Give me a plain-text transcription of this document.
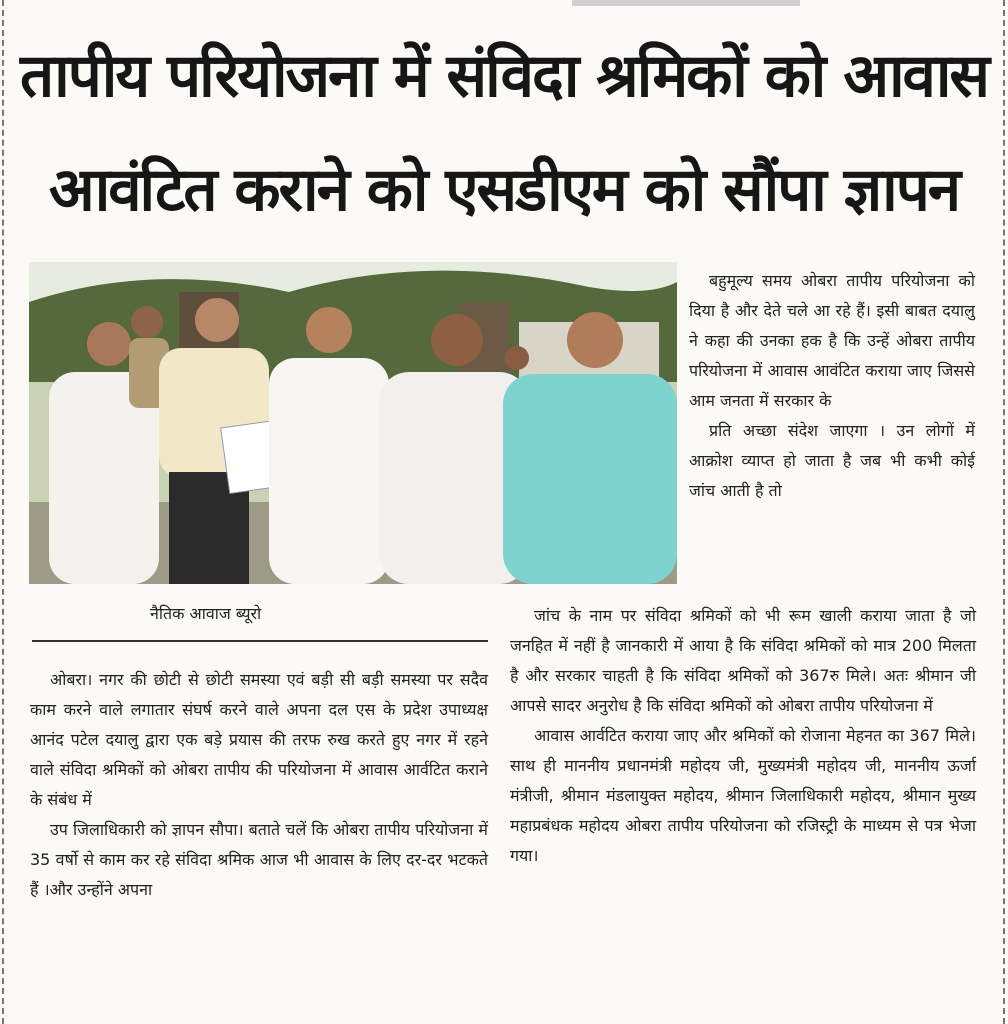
तापीय परियोजना में संविदा श्रमिकों को आवास
आवंटित कराने को एसडीएम को सौंपा ज्ञापन

बहुमूल्य समय ओबरा तापीय परियोजना को दिया है और देते चले आ रहे हैं। इसी बाबत दयालु ने कहा की उनका हक है कि उन्हें ओबरा तापीय परियोजना में आवास आवंटित कराया जाए जिससे आम जनता में सरकार के

प्रति अच्छा संदेश जाएगा । उन लोगों में आक्रोश व्याप्त हो जाता है जब भी कभी कोई जांच आती है तो

नैतिक आवाज ब्यूरो

ओबरा। नगर की छोटी से छोटी समस्या एवं बड़ी सी बड़ी समस्या पर सदैव काम करने वाले लगातार संघर्ष करने वाले अपना दल एस के प्रदेश उपाध्यक्ष आनंद पटेल दयालु द्वारा एक बड़े प्रयास की तरफ रुख करते हुए नगर में रहने वाले संविदा श्रमिकों को ओबरा तापीय की परियोजना में आवास आर्वटित कराने के संबंध में

उप जिलाधिकारी को ज्ञापन सौपा। बताते चलें कि ओबरा तापीय परियोजना में 35 वर्षो से काम कर रहे संविदा श्रमिक आज भी आवास के लिए दर-दर भटकते हैं ।और उन्होंने अपना

जांच के नाम पर संविदा श्रमिकों को भी रूम खाली कराया जाता है जो जनहित में नहीं है जानकारी में आया है कि संविदा श्रमिकों को मात्र 200 मिलता है और सरकार चाहती है कि संविदा श्रमिकों को 367रु मिले। अतः श्रीमान जी आपसे सादर अनुरोध है कि संविदा श्रमिकों को ओबरा तापीय परियोजना में

आवास आर्वटित कराया जाए और श्रमिकों को रोजाना मेहनत का 367 मिले। साथ ही माननीय प्रधानमंत्री महोदय जी, मुख्यमंत्री महोदय जी, माननीय ऊर्जा मंत्रीजी, श्रीमान मंडलायुक्त महोदय, श्रीमान जिलाधिकारी महोदय, श्रीमान मुख्य महाप्रबंधक महोदय ओबरा तापीय परियोजना को रजिस्ट्री के माध्यम से पत्र भेजा गया।
